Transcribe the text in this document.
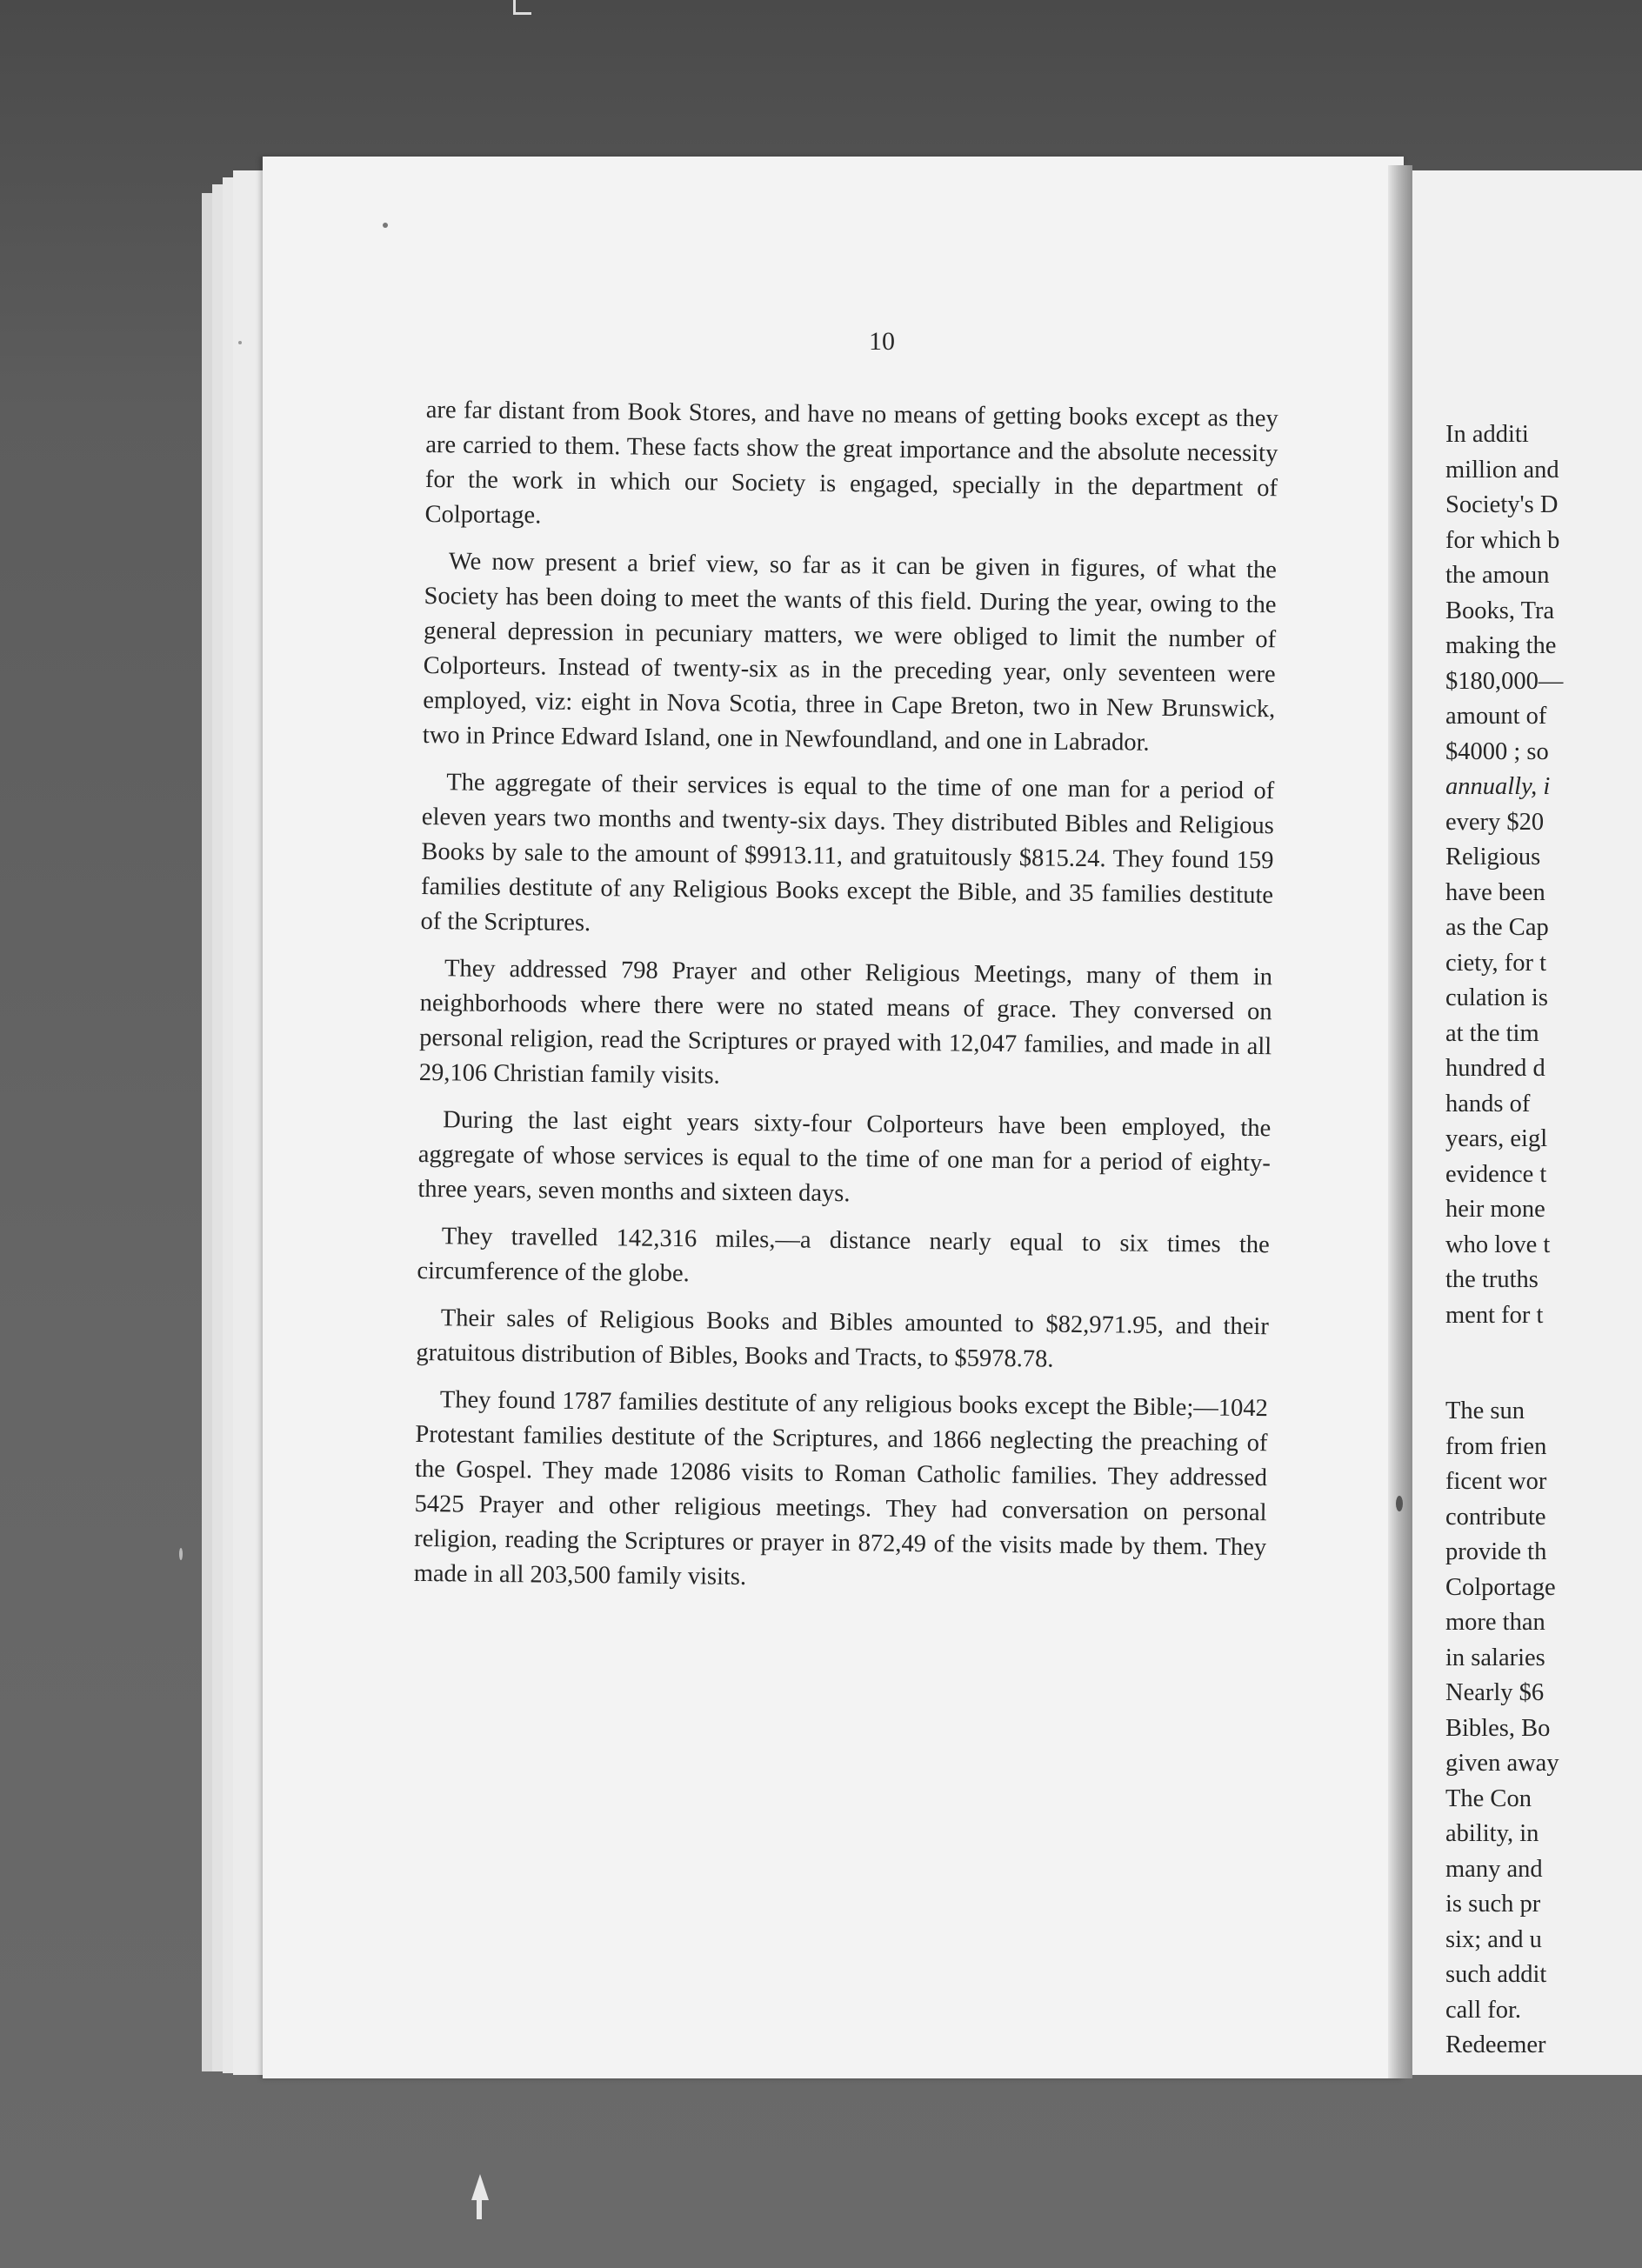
10

are far distant from Book Stores, and have no means of getting books except as they are carried to them. These facts show the great importance and the absolute necessity for the work in which our Society is engaged, specially in the department of Colportage.

We now present a brief view, so far as it can be given in figures, of what the Society has been doing to meet the wants of this field. During the year, owing to the general depression in pecuniary matters, we were obliged to limit the number of Colporteurs. Instead of twenty-six as in the preceding year, only seventeen were employed, viz: eight in Nova Scotia, three in Cape Breton, two in New Brunswick, two in Prince Edward Island, one in Newfoundland, and one in Labrador.

The aggregate of their services is equal to the time of one man for a period of eleven years two months and twenty-six days. They distributed Bibles and Religious Books by sale to the amount of $9913.11, and gratuitously $815.24. They found 159 families destitute of any Religious Books except the Bible, and 35 families destitute of the Scriptures.

They addressed 798 Prayer and other Religious Meetings, many of them in neighborhoods where there were no stated means of grace. They conversed on personal religion, read the Scriptures or prayed with 12,047 families, and made in all 29,106 Christian family visits.

During the last eight years sixty-four Colporteurs have been employed, the aggregate of whose services is equal to the time of one man for a period of eighty-three years, seven months and sixteen days.

They travelled 142,316 miles,—a distance nearly equal to six times the circumference of the globe.

Their sales of Religious Books and Bibles amounted to $82,971.95, and their gratuitous distribution of Bibles, Books and Tracts, to $5978.78.

They found 1787 families destitute of any religious books except the Bible;—1042 Protestant families destitute of the Scriptures, and 1866 neglecting the preaching of the Gospel. They made 12086 visits to Roman Catholic families. They addressed 5425 Prayer and other religious meetings. They had conversation on personal religion, reading the Scriptures or prayer in 872,49 of the visits made by them. They made in all 203,500 family visits.

In additi
million and
Society's D
for which b
the amoun
Books, Tra
making the
$180,000—
amount of
$4000 ; so
annually, i
every $20
Religious
have been
as the Cap
ciety, for t
culation is
at the tim
hundred d
hands of
years, eigl
evidence t
heir mone
who love t
the truths
ment for t
The sun
from frien
ficent wor
contribute
provide th
Colportage
more than
in salaries
Nearly $6
Bibles, Bo
given away
The Con
ability, in
many and
is such pr
six; and u
such addit
call for.
Redeemer
